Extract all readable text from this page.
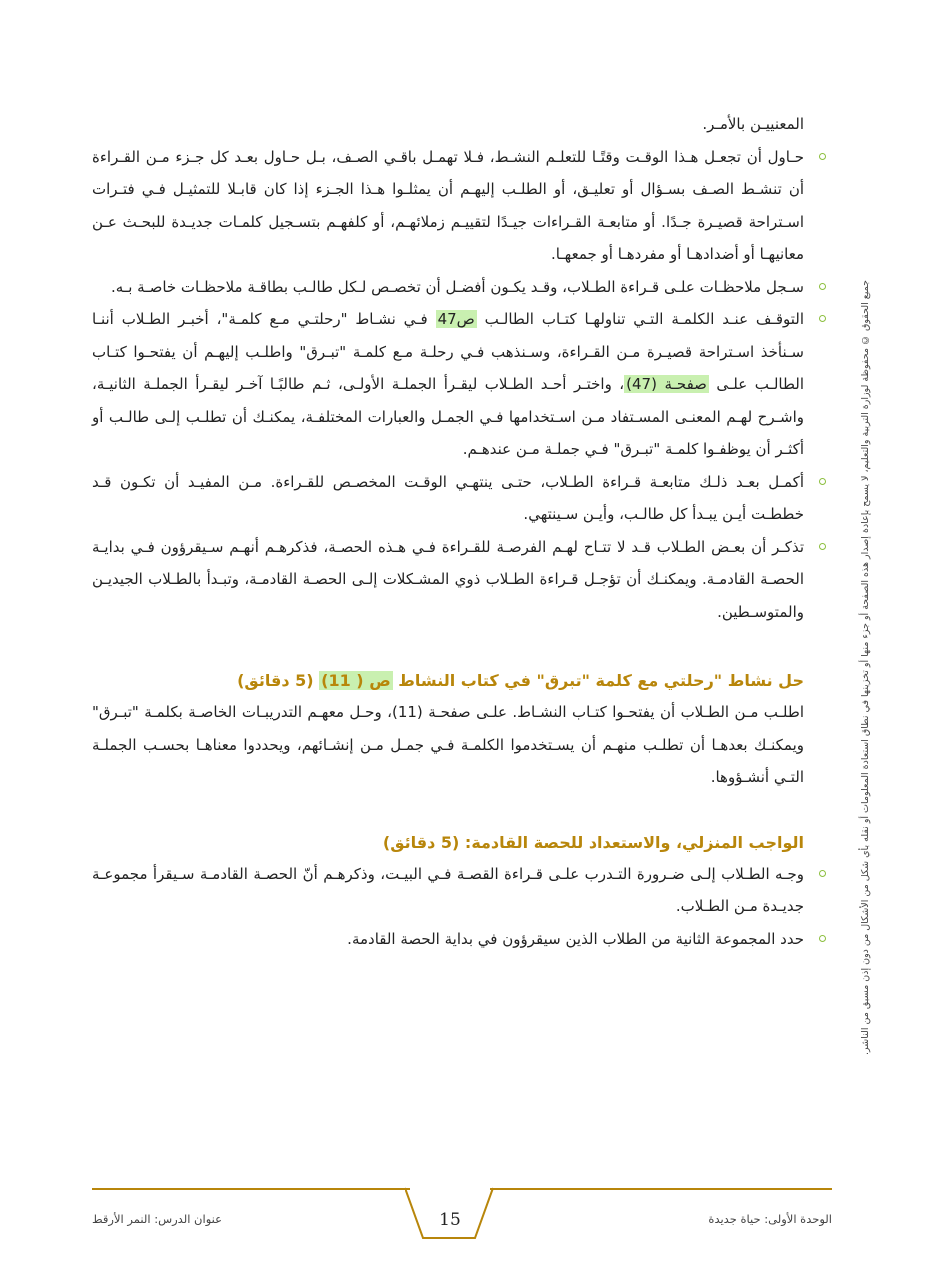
المعنييـن بالأمـر.

حـاول أن تجعـل هـذا الوقـت وقتًـا للتعلـم النشـط، فـلا تهمـل باقـي الصـف، بـل حـاول بعـد كل جـزء مـن القـراءة أن تنشـط الصـف بسـؤال أو تعليـق، أو الطلـب إليهـم أن يمثلـوا هـذا الجـزء إذا كان قابـلا للتمثيـل فـي فتـرات اسـتراحة قصيـرة جـدًا. أو متابعـة القـراءات جيـدًا لتقييـم زملائهـم، أو كلفهـم بتسـجيل كلمـات جديـدة للبحـث عـن معانيهـا أو أضدادهـا أو مفردهـا أو جمعهـا.
سـجل ملاحظـات علـى قـراءة الطـلاب، وقـد يكـون أفضـل أن تخصـص لـكل طالـب بطاقـة ملاحظـات خاصـة بـه.
التوقـف عنـد الكلمـة التـي تناولهـا كتـاب الطالـب ص47 فـي نشـاط "رحلتـي مـع كلمـة"، أخبـر الطـلاب أننـا سـنأخذ اسـتراحة قصيـرة مـن القـراءة، وسـنذهب فـي رحلـة مـع كلمـة "تبـرق" واطلـب إليهـم أن يفتحـوا كتـاب الطالـب علـى صفحـة (47)، واختـر أحـد الطـلاب ليقـرأ الجملـة الأولـى، ثـم طالبًـا آخـر ليقـرأ الجملـة الثانيـة، واشـرح لهـم المعنـى المسـتفاد مـن اسـتخدامها فـي الجمـل والعبارات المختلفـة، يمكنـك أن تطلـب إلـى طالـب أو أكثـر أن يوظفـوا كلمـة "تبـرق" فـي جملـة مـن عندهـم.
أكمـل بعـد ذلـك متابعـة قـراءة الطـلاب، حتـى ينتهـي الوقـت المخصـص للقـراءة. مـن المفيـد أن تكـون قـد خططـت أيـن يبـدأ كل طالـب، وأيـن سـينتهي.
تذكـر أن بعـض الطـلاب قـد لا تتـاح لهـم الفرصـة للقـراءة فـي هـذه الحصـة، فذكرهـم أنهـم سـيقرؤون فـي بدايـة الحصـة القادمـة. ويمكنـك أن تؤجـل قـراءة الطـلاب ذوي المشـكلات إلـى الحصـة القادمـة، وتبـدأ بالطـلاب الجيديـن والمتوسـطين.
حل نشاط "رحلتي مع كلمة "تبرق" في كتاب النشاط ص ( 11) (5 دقائق)

اطلـب مـن الطـلاب أن يفتحـوا كتـاب النشـاط. علـى صفحـة (11)، وحـل معهـم التدريبـات الخاصـة بكلمـة "تبـرق" ويمكنـك بعدهـا أن تطلـب منهـم أن يسـتخدموا الكلمـة فـي جمـل مـن إنشـائهم، ويحددوا معناهـا بحسـب الجملـة التـي أنشـؤوها.

الواجب المنزلي، والاستعداد للحصة القادمة: (5 دقائق)
وجـه الطـلاب إلـى ضـرورة التـدرب علـى قـراءة القصـة فـي البيـت، وذكرهـم أنّ الحصـة القادمـة سـيقرأ مجموعـة جديـدة مـن الطـلاب.
حدد المجموعة الثانية من الطلاب الذين سيقرؤون في بداية الحصة القادمة.	جميع الحقوق © محفوظة لوزارة التربية والتعليم، لا يسمح بإعادة إصدار هذه الصفحة أو جزء منها أو تخزينها في نطاق استعادة المعلومات أو نقله بأي شكل من الأشكال من دون إذن مسبق من الناشر.
15	الوحدة الأولى: حياة جديدة
عنوان الدرس: النمر الأرقط
